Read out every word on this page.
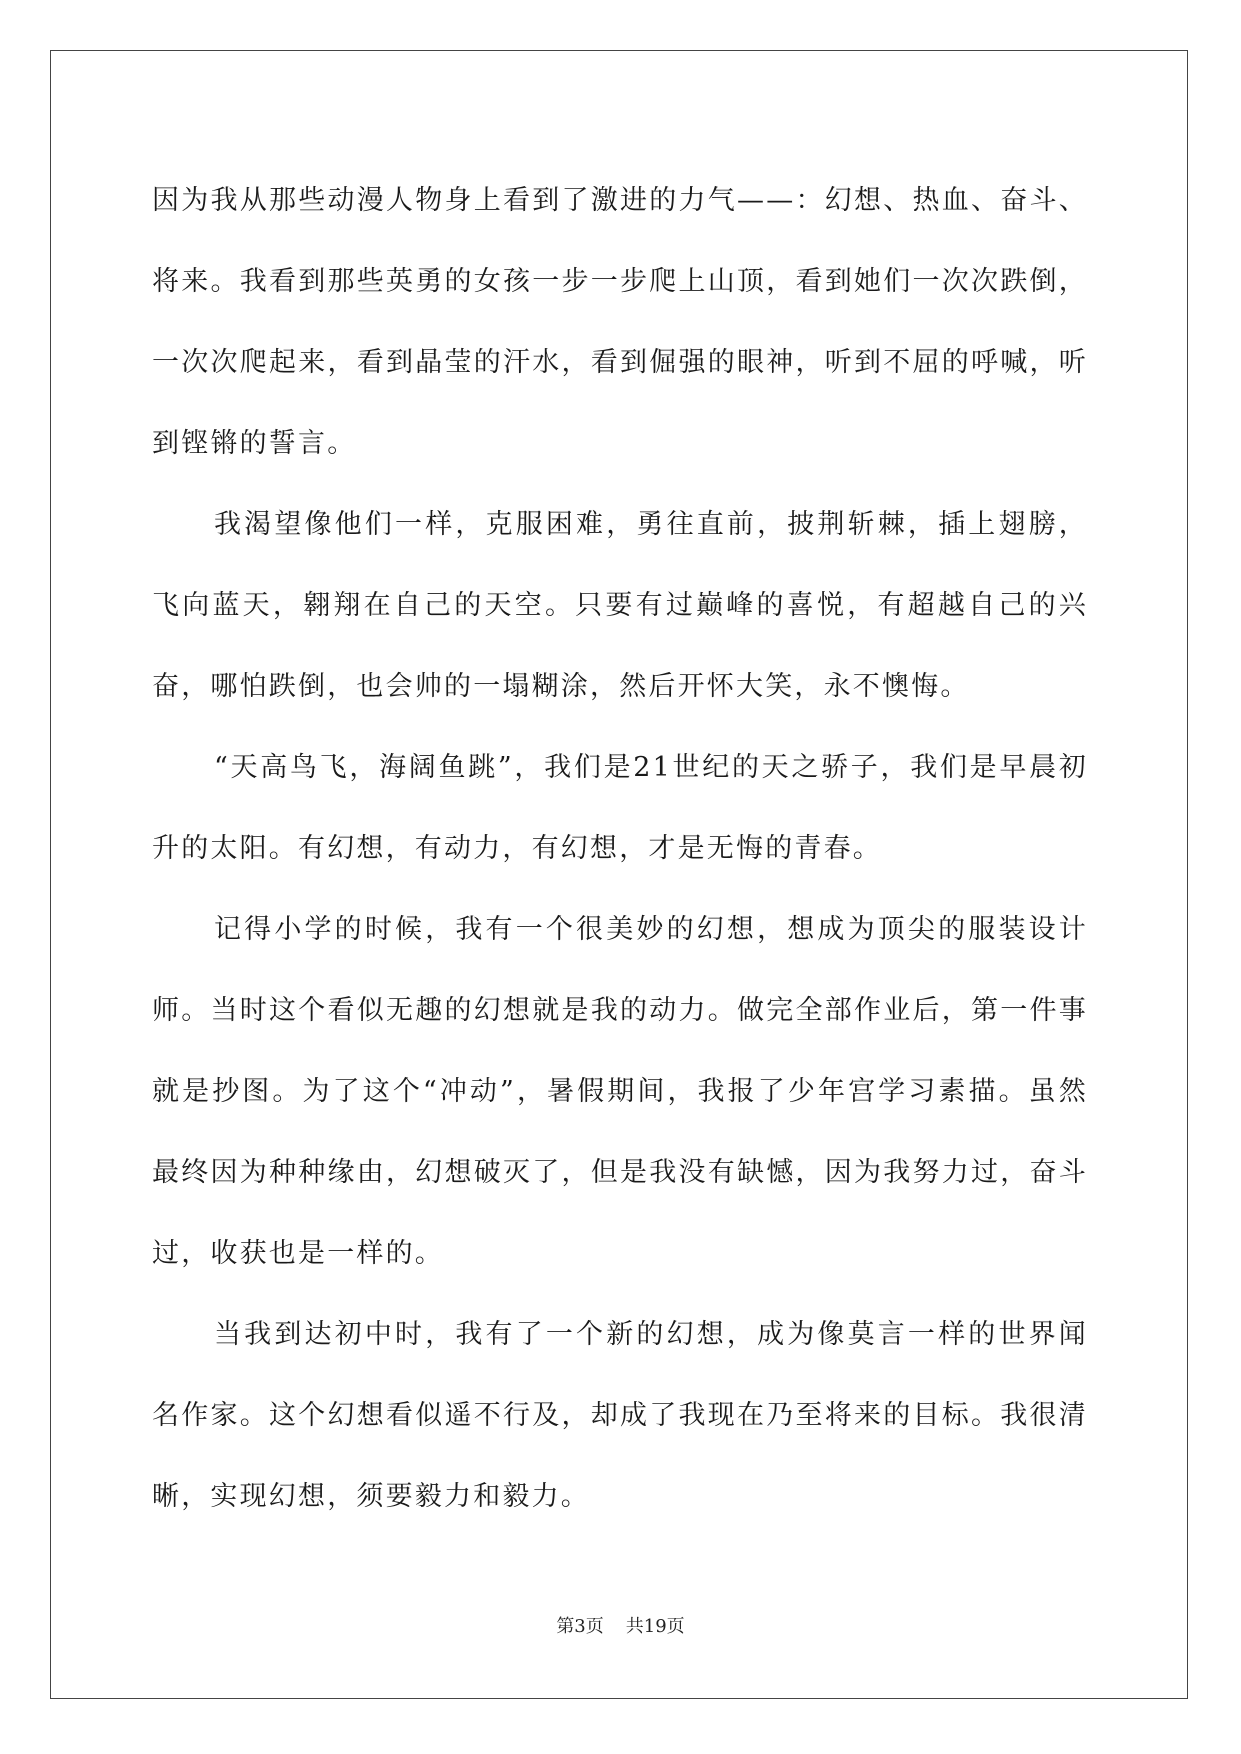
因为我从那些动漫人物身上看到了激进的力气——：幻想、热血、奋斗、将来。我看到那些英勇的女孩一步一步爬上山顶，看到她们一次次跌倒，一次次爬起来，看到晶莹的汗水，看到倔强的眼神，听到不屈的呼喊，听到铿锵的誓言。

我渴望像他们一样，克服困难，勇往直前，披荆斩棘，插上翅膀，飞向蓝天，翱翔在自己的天空。只要有过巅峰的喜悦，有超越自己的兴奋，哪怕跌倒，也会帅的一塌糊涂，然后开怀大笑，永不懊悔。

“天高鸟飞，海阔鱼跳”，我们是21世纪的天之骄子，我们是早晨初升的太阳。有幻想，有动力，有幻想，才是无悔的青春。

记得小学的时候，我有一个很美妙的幻想，想成为顶尖的服装设计师。当时这个看似无趣的幻想就是我的动力。做完全部作业后，第一件事就是抄图。为了这个“冲动”，暑假期间，我报了少年宫学习素描。虽然最终因为种种缘由，幻想破灭了，但是我没有缺憾，因为我努力过，奋斗过，收获也是一样的。

当我到达初中时，我有了一个新的幻想，成为像莫言一样的世界闻名作家。这个幻想看似遥不行及，却成了我现在乃至将来的目标。我很清晰，实现幻想，须要毅力和毅力。

第3页 共19页
